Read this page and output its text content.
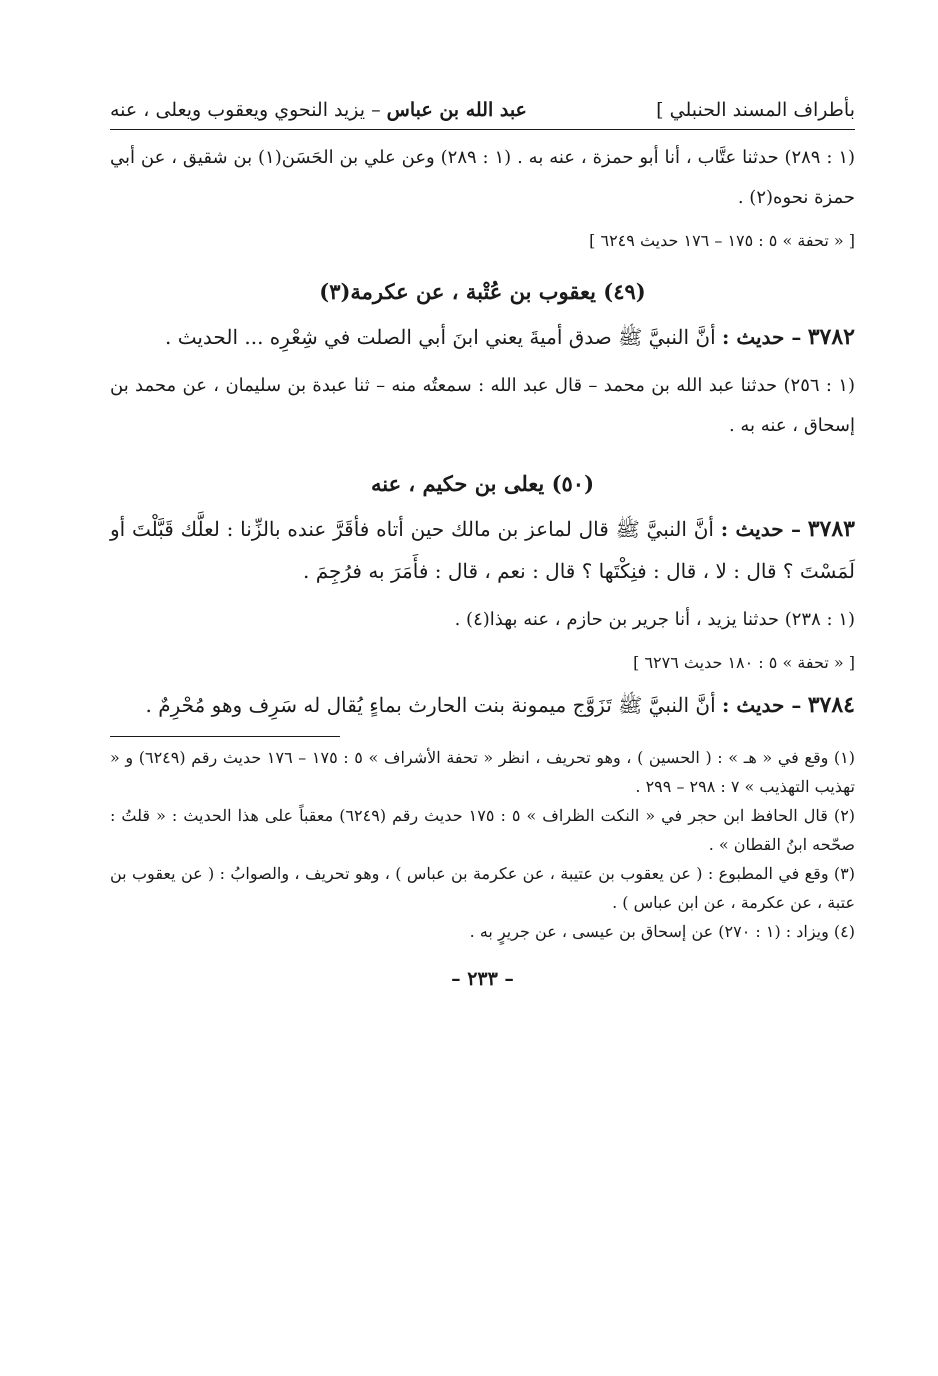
بأطراف المسند الحنبلي ]
عبد الله بن عباس – يزيد النحوي ويعقوب ويعلى ، عنه
(١ : ٢٨٩) حدثنا عتَّاب ، أنا أبو حمزة ، عنه به . (١ : ٢٨٩) وعن علي بن الحَسَن(١) بن شقيق ، عن أبي حمزة نحوه(٢) .
[ « تحفة » ٥ : ١٧٥ – ١٧٦ حديث ٦٢٤٩ ]
(٤٩) يعقوب بن عُتْبة ، عن عكرمة(٣)
٣٧٨٢ – حديث : أنَّ النبيَّ ﷺ صدق أميةَ يعني ابنَ أبي الصلت في شِعْرِه ... الحديث .
(١ : ٢٥٦) حدثنا عبد الله بن محمد – قال عبد الله : سمعتُه منه – ثنا عبدة بن سليمان ، عن محمد بن إسحاق ، عنه به .
(٥٠) يعلى بن حكيم ، عنه
٣٧٨٣ – حديث : أنَّ النبيَّ ﷺ قال لماعز بن مالك حين أتاه فأقَرَّ عنده بالزِّنا : لعلَّك قَبَّلْتَ أو لَمَسْتَ ؟ قال : لا ، قال : فنِكْتَها ؟ قال : نعم ، قال : فأَمَرَ به فرُجِمَ .
(١ : ٢٣٨) حدثنا يزيد ، أنا جرير بن حازم ، عنه بهذا(٤) .
[ « تحفة » ٥ : ١٨٠ حديث ٦٢٧٦ ]
٣٧٨٤ – حديث : أنَّ النبيَّ ﷺ تَزَوَّج ميمونة بنت الحارث بماءٍ يُقال له سَرِف وهو مُحْرِمٌ .
(١) وقع في « هـ » : ( الحسين ) ، وهو تحريف ، انظر « تحفة الأشراف » ٥ : ١٧٥ – ١٧٦ حديث رقم (٦٢٤٩) و « تهذيب التهذيب » ٧ : ٢٩٨ – ٢٩٩ .
(٢) قال الحافظ ابن حجر في « النكت الظراف » ٥ : ١٧٥ حديث رقم (٦٢٤٩) معقباً على هذا الحديث : « قلتُ : صحّحه ابنُ القطان » .
(٣) وقع في المطبوع : ( عن يعقوب بن عتيبة ، عن عكرمة بن عباس ) ، وهو تحريف ، والصوابُ : ( عن يعقوب بن عتبة ، عن عكرمة ، عن ابن عباس ) .
(٤) ويزاد : (١ : ٢٧٠) عن إسحاق بن عيسى ، عن جريرٍ به .
– ٢٣٣ –
